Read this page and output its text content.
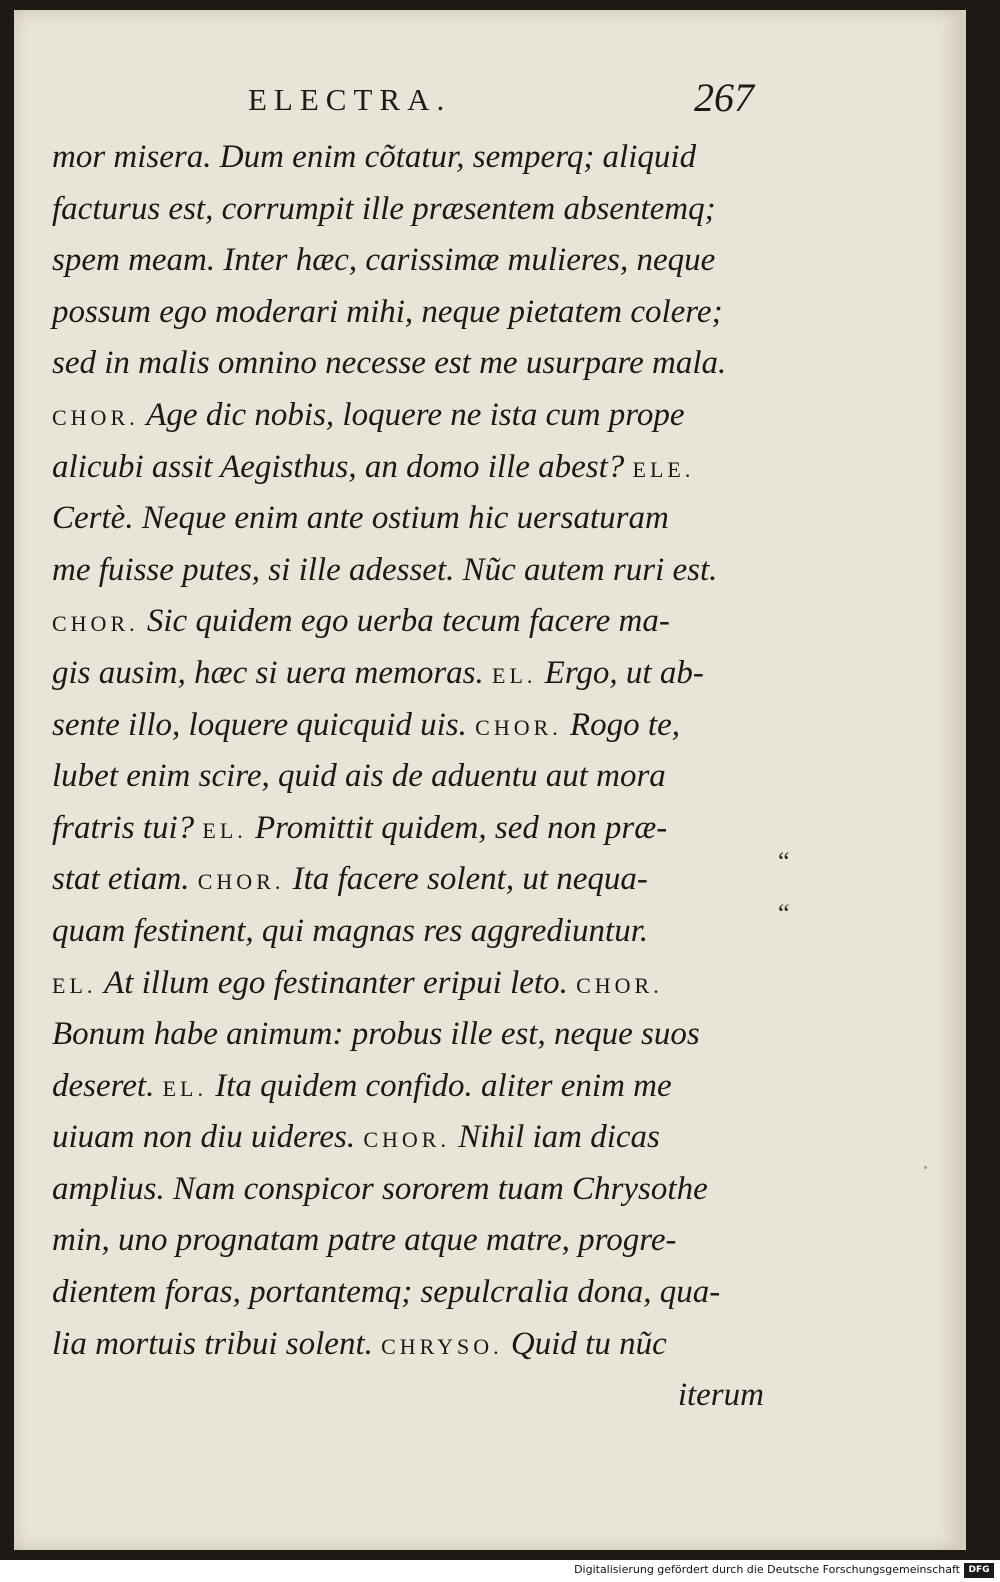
ELECTRA.	267
mor misera. Dum enim cõtatur, semperq; aliquid
facturus est, corrumpit ille præsentem absentemq;
spem meam. Inter hæc, carissimæ mulieres, neque
possum ego moderari mihi, neque pietatem colere;
sed in malis omnino necesse est me usurpare mala.
CHOR. Age dic nobis, loquere ne ista cum prope
alicubi assit Aegisthus, an domo ille abest? ELE.
Certè. Neque enim ante ostium hic uersaturam
me fuisse putes, si ille adesset. Nũc autem ruri est.
CHOR. Sic quidem ego uerba tecum facere ma-
gis ausim, hæc si uera memoras. EL. Ergo, ut ab-
sente illo, loquere quicquid uis. CHOR. Rogo te,
lubet enim scire, quid ais de aduentu aut mora
fratris tui? EL. Promittit quidem, sed non præ-
stat etiam. CHOR. Ita facere solent, ut nequa-
quam festinent, qui magnas res aggrediuntur.
EL. At illum ego festinanter eripui leto. CHOR.
Bonum habe animum: probus ille est, neque suos
deseret. EL. Ita quidem confido. aliter enim me
uiuam non diu uideres. CHOR. Nihil iam dicas
amplius. Nam conspicor sororem tuam Chrysothe
min, uno prognatam patre atque matre, progre-
dientem foras, portantemq; sepulcralia dona, qua-
lia mortuis tribui solent. CHRYSO. Quid tu nũc
iterum
“
“
Digitalisierung gefördert durch die Deutsche Forschungsgemeinschaft DFG
